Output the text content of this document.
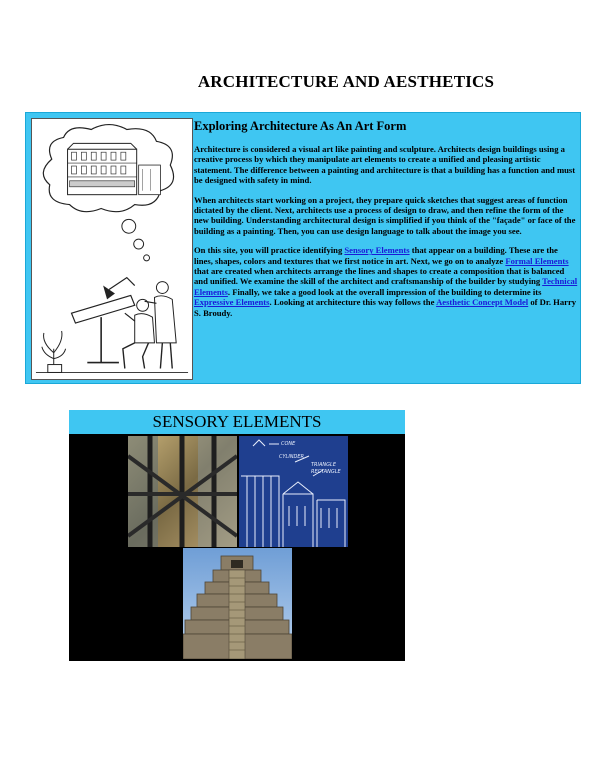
ARCHITECTURE AND AESTHETICS
Exploring Architecture As An Art Form

Architecture is considered a visual art like painting and sculpture. Architects design buildings using a creative process by which they manipulate art elements to create a unified and pleasing artistic statement. The difference between a painting and architecture is that a building has a function and must be designed with safety in mind.

When architects start working on a project, they prepare quick sketches that suggest areas of function dictated by the client. Next, architects use a process of design to draw, and then refine the form of the new building. Understanding architectural design is simplified if you think of the "façade" or face of the building as a painting. Then, you can use design language to talk about the image you see.

On this site, you will practice identifying Sensory Elements that appear on a building. These are the lines, shapes, colors and textures that we first notice in art. Next, we go on to analyze Formal Elements that are created when architects arrange the lines and shapes to create a composition that is balanced and unified. We examine the skill of the architect and craftsmanship of the builder by studying Technical Elements. Finally, we take a good look at the overall impression of the building to determine its Expressive Elements. Looking at architecture this way follows the Aesthetic Concept Model of Dr. Harry S. Broudy.

SENSORY ELEMENTS
CONE
CYLINDER
TRIANGLE
RECTANGLE
